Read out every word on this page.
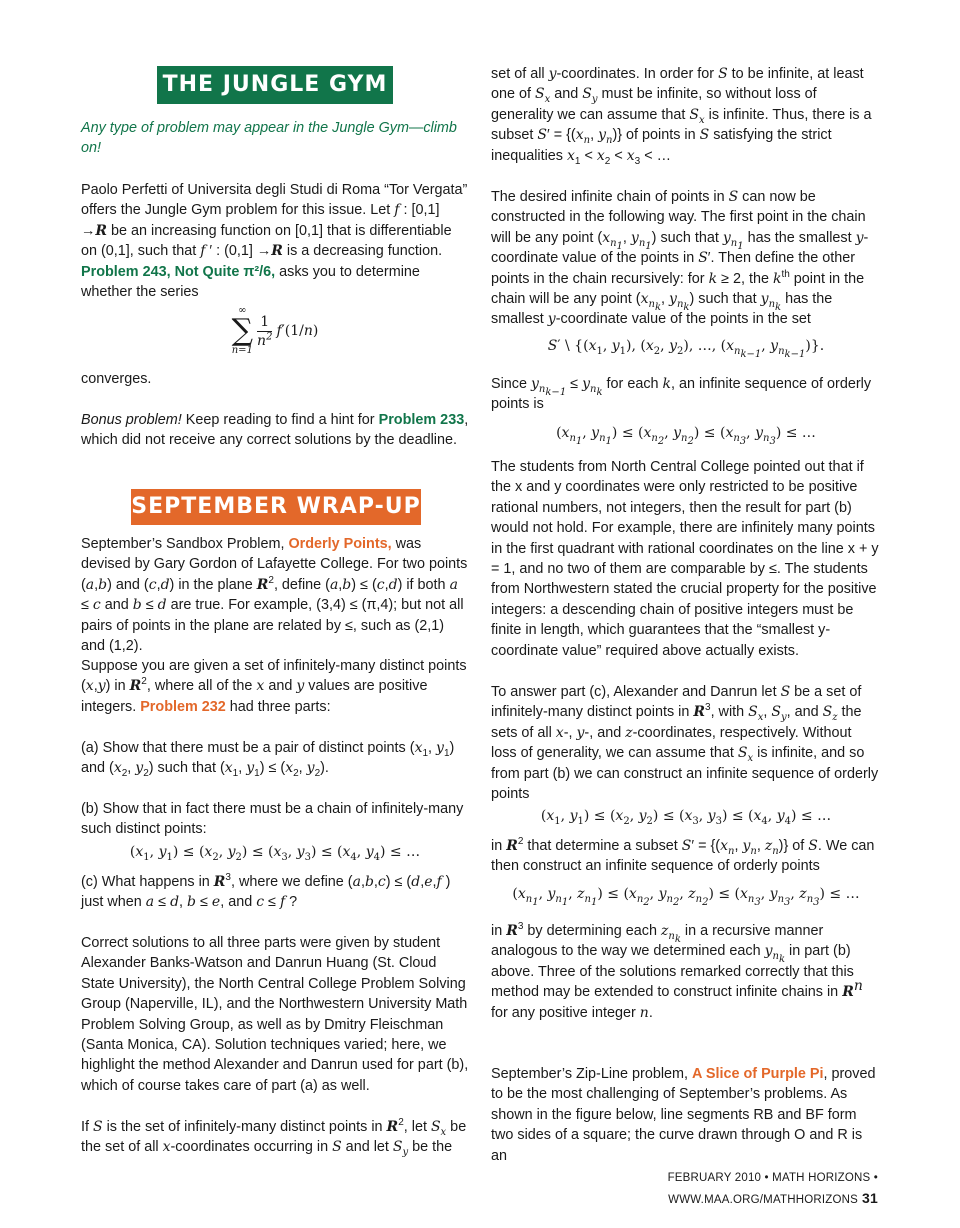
THE JUNGLE GYM

Any type of problem may appear in the Jungle Gym—climb on!

Paolo Perfetti of Universita degli Studi di Roma “Tor Vergata” offers the Jungle Gym problem for this issue. Let f : [0,1] →R be an increasing function on [0,1] that is differentiable on (0,1], such that f ′ : (0,1] →R is a decreasing function. Problem 243, Not Quite π²/6, asks you to determine whether the series

∞
∑
n=1
$\frac{1}{n^2} f'(1/n)$

converges.

Bonus problem! Keep reading to find a hint for Problem 233, which did not receive any correct solutions by the deadline.

SEPTEMBER WRAP-UP

September’s Sandbox Problem, Orderly Points, was devised by Gary Gordon of Lafayette College. For two points (a,b) and (c,d) in the plane $R^2$, define (a,b) ≤ (c,d) if both a ≤ c and b ≤ d are true. For example, (3,4) ≤ (π,4); but not all pairs of points in the plane are related by ≤, such as (2,1) and (1,2).

Suppose you are given a set of infinitely-many distinct points (x,y) in $R^2$, where all of the x and y values are positive integers. Problem 232 had three parts:

(a) Show that there must be a pair of distinct points ($x_1$, $y_1$) and ($x_2$, $y_2$) such that ($x_1$, $y_1) \le (x_2$, $y_2$).

(b) Show that in fact there must be a chain of infinitely-many such distinct points:

($x_1$, $y_1) \le (x_2$, $y_2) \le (x_3$, $y_3) \le (x_4$, $y_4$) ≤ …

(c) What happens in $R^3$, where we define (a,b,c) ≤ (d,e,f ) just when a ≤ d, b ≤ e, and c ≤ f ?

Correct solutions to all three parts were given by student Alexander Banks-Watson and Danrun Huang (St. Cloud State University), the North Central College Problem Solving Group (Naperville, IL), and the Northwestern University Math Problem Solving Group, as well as by Dmitry Fleischman (Santa Monica, CA). Solution techniques varied; here, we highlight the method Alexander and Danrun used for part (b), which of course takes care of part (a) as well.

If S is the set of infinitely-many distinct points in $R^2$, let $S_x$ be the set of all x-coordinates occurring in S and let $S_y$ be the

set of all y-coordinates. In order for S to be infinite, at least one of $S_x$ and $S_y$ must be infinite, so without loss of generality we can assume that $S_x$ is infinite. Thus, there is a subset $S' = \{(x_n$, $y_n$)} of points in S satisfying the strict inequalities $x_1 < x_2 < x_3$ < …

The desired infinite chain of points in S can now be constructed in the following way. The first point in the chain will be any point ($x_{n_1}$, $y_{n_1}$) such that $y_{n_1}$ has the smallest y-coordinate value of the points in S′. Then define the other points in the chain recursively: for k ≥ 2, the $k^{th}$ point in the chain will be any point ($x_{n_k}$, $y_{n_k}$) such that $y_{n_k}$ has the smallest y-coordinate value of the points in the set

S′ \ {($x_1$, $y_1$), ($x_2$, $y_2$), …, ($x_{n_{k-1}}$, $y_{n_{k-1}}$)}.

Since $y_{n_{k-1}} \le y_{n_k}$ for each k, an infinite sequence of orderly points is

($x_{n_1}$, $y_{n_1}) \le (x_{n_2}$, $y_{n_2}) \le (x_{n_3}$, $y_{n_3}$) ≤ …

The students from North Central College pointed out that if the x and y coordinates were only restricted to be positive rational numbers, not integers, then the result for part (b) would not hold. For example, there are infinitely many points in the first quadrant with rational coordinates on the line x + y = 1, and no two of them are comparable by ≤. The students from Northwestern stated the crucial property for the positive integers: a descending chain of positive integers must be finite in length, which guarantees that the “smallest y-coordinate value” required above actually exists.

To answer part (c), Alexander and Danrun let S be a set of infinitely-many distinct points in $R^3$, with $S_x$, $S_y$, and $S_z$ the sets of all x-, y-, and z-coordinates, respectively. Without loss of generality, we can assume that $S_x$ is infinite, and so from part (b) we can construct an infinite sequence of orderly points

($x_1$, $y_1) \le (x_2$, $y_2) \le (x_3$, $y_3) \le (x_4$, $y_4$) ≤ …

in $R^2$ that determine a subset $S' = \{(x_n$, $y_n$, $z_n$)} of S. We can then construct an infinite sequence of orderly points

($x_{n_1}$, $y_{n_1}$, $z_{n_1}) \le (x_{n_2}$, $y_{n_2}$, $z_{n_2}) \le (x_{n_3}$, $y_{n_3}$, $z_{n_3}$) ≤ …

in $R^3$ by determining each $z_{n_k}$ in a recursive manner analogous to the way we determined each $y_{n_k}$ in part (b) above. Three of the solutions remarked correctly that this method may be extended to construct infinite chains in $R^n$ for any positive integer n.

September’s Zip-Line problem, A Slice of Purple Pi, proved to be the most challenging of September’s problems. As shown in the figure below, line segments RB and BF form two sides of a square; the curve drawn through O and R is an

FEBRUARY 2010 • MATH HORIZONS • WWW.MAA.ORG/MATHHORIZONS 31
